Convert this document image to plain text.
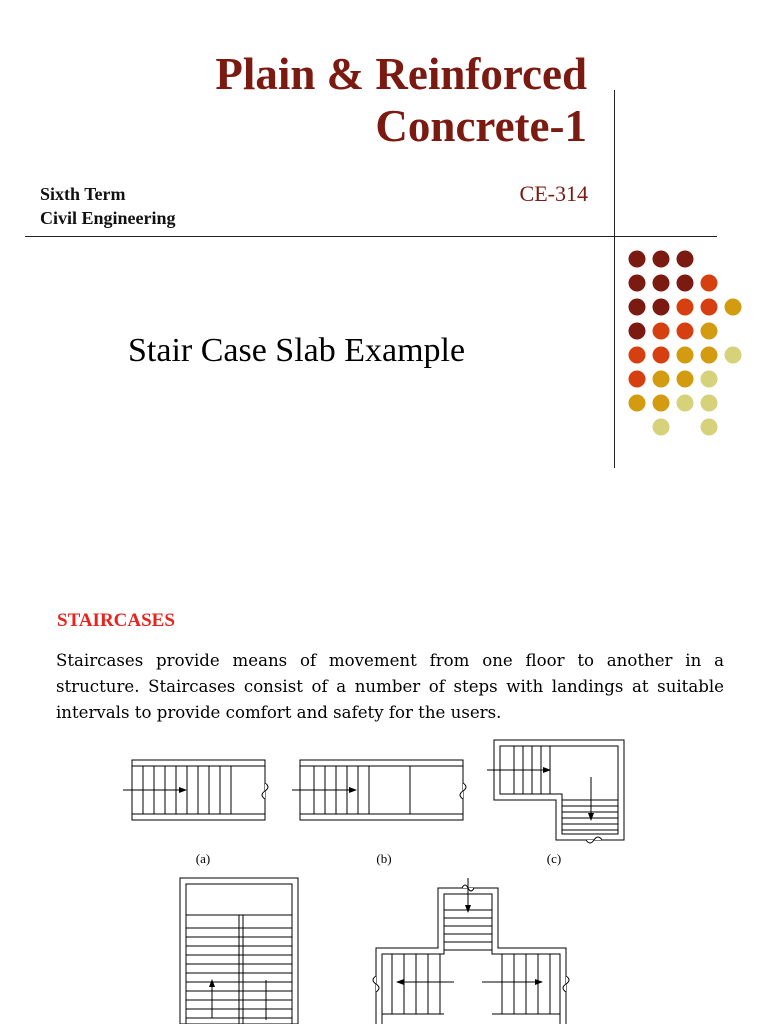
Plain & Reinforced
Concrete-1
Sixth Term
Civil Engineering
CE-314
Stair Case Slab Example
STAIRCASES

Staircases provide means of movement from one floor to another in a structure. Staircases consist of a number of steps with landings at suitable intervals to provide comfort and safety for the users.

(a)	(b)	(c)
